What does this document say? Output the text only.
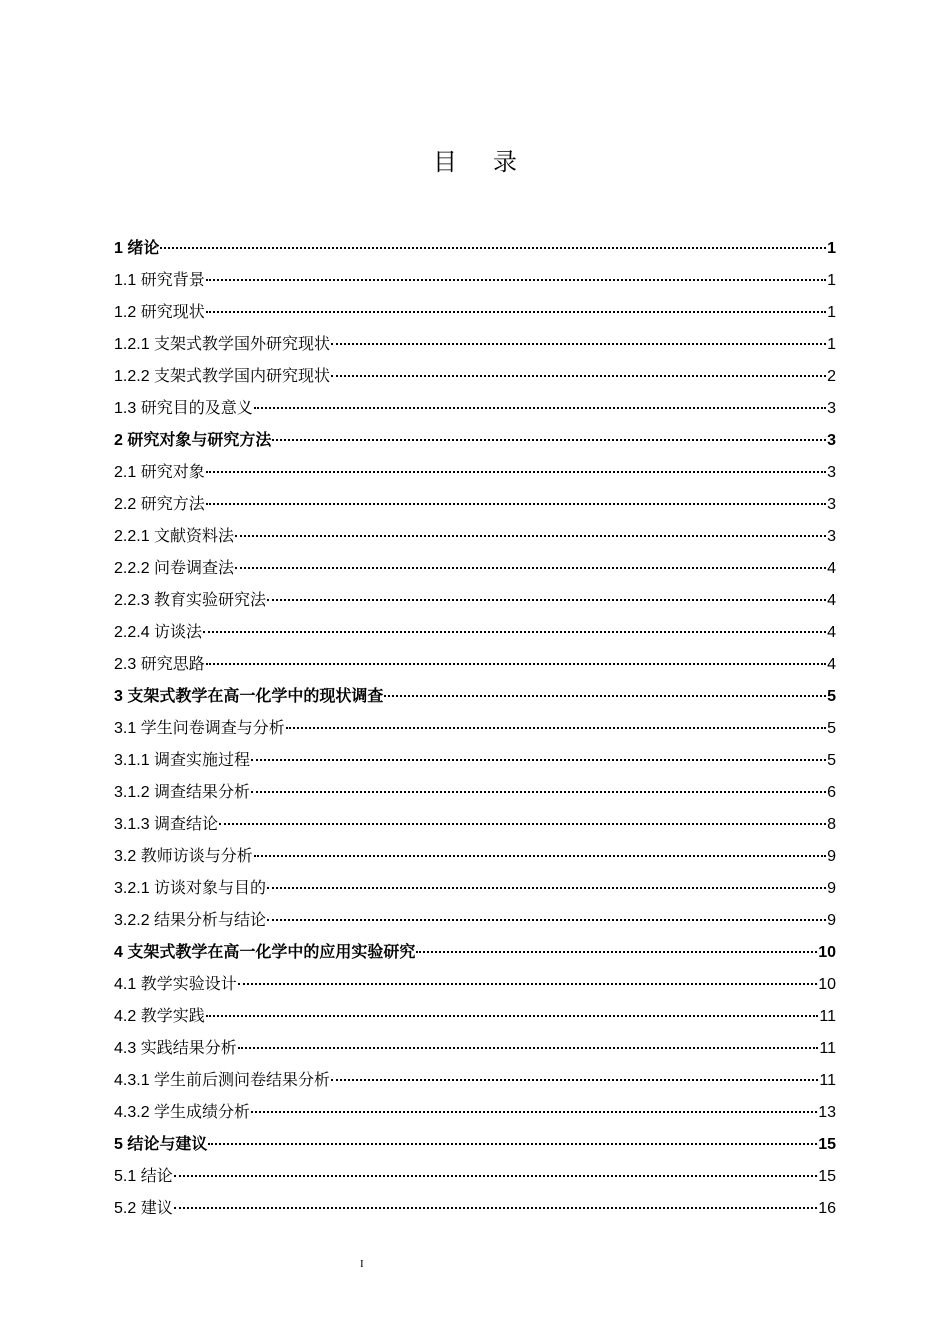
目 录
1 绪论	1
1.1 研究背景	1
1.2 研究现状	1
1.2.1 支架式教学国外研究现状	1
1.2.2 支架式教学国内研究现状	2
1.3 研究目的及意义	3
2 研究对象与研究方法	3
2.1 研究对象	3
2.2 研究方法	3
2.2.1 文献资料法	3
2.2.2 问卷调查法	4
2.2.3 教育实验研究法	4
2.2.4 访谈法	4
2.3 研究思路	4
3 支架式教学在高一化学中的现状调查	5
3.1 学生问卷调查与分析	5
3.1.1 调查实施过程	5
3.1.2 调查结果分析	6
3.1.3 调查结论	8
3.2 教师访谈与分析	9
3.2.1 访谈对象与目的	9
3.2.2 结果分析与结论	9
4 支架式教学在高一化学中的应用实验研究	10
4.1 教学实验设计	10
4.2 教学实践	11
4.3 实践结果分析	11
4.3.1 学生前后测问卷结果分析	11
4.3.2 学生成绩分析	13
5 结论与建议	15
5.1 结论	15
5.2 建议	16
I
